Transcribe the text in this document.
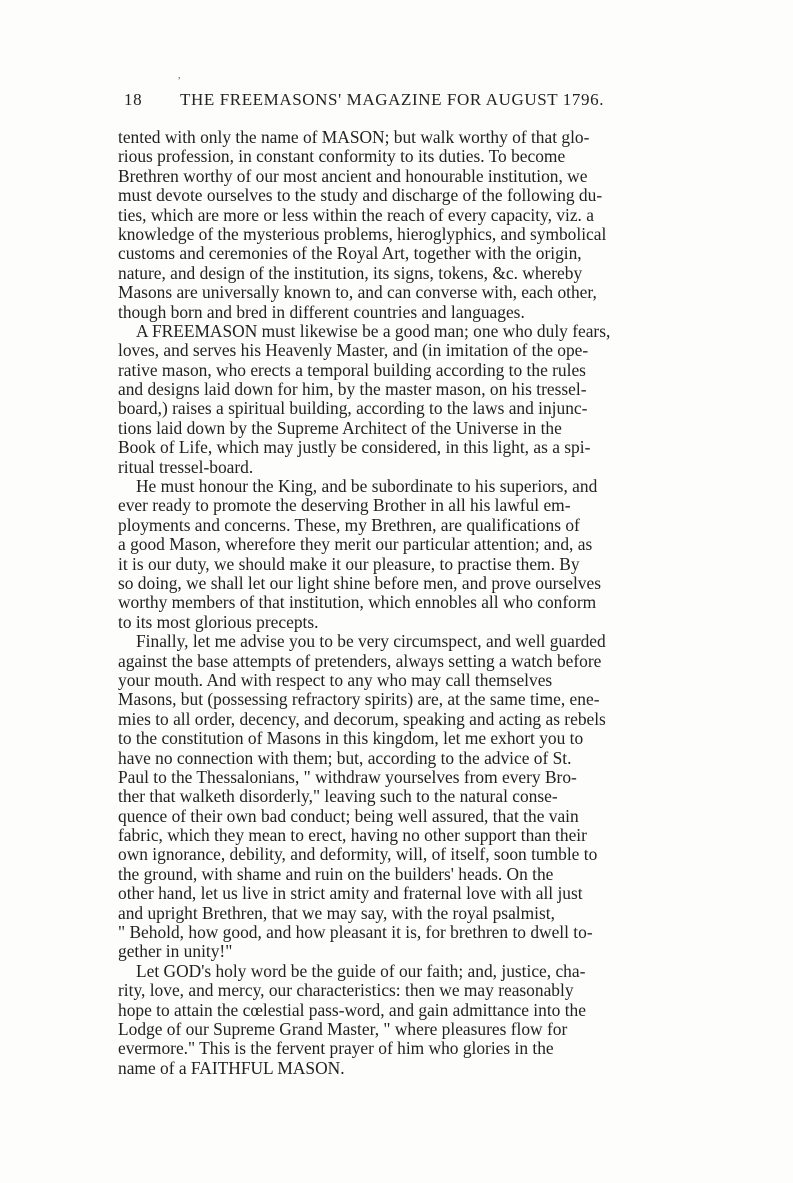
,
18 THE FREEMASONS' MAGAZINE FOR AUGUST 1796.
tented with only the name of MASON; but walk worthy of that glo-
rious profession, in constant conformity to its duties. To become
Brethren worthy of our most ancient and honourable institution, we
must devote ourselves to the study and discharge of the following du-
ties, which are more or less within the reach of every capacity, viz. a
knowledge of the mysterious problems, hieroglyphics, and symbolical
customs and ceremonies of the Royal Art, together with the origin,
nature, and design of the institution, its signs, tokens, &c. whereby
Masons are universally known to, and can converse with, each other,
though born and bred in different countries and languages.
A FREEMASON must likewise be a good man; one who duly fears,
loves, and serves his Heavenly Master, and (in imitation of the ope-
rative mason, who erects a temporal building according to the rules
and designs laid down for him, by the master mason, on his tressel-
board,) raises a spiritual building, according to the laws and injunc-
tions laid down by the Supreme Architect of the Universe in the
Book of Life, which may justly be considered, in this light, as a spi-
ritual tressel-board.
He must honour the King, and be subordinate to his superiors, and
ever ready to promote the deserving Brother in all his lawful em-
ployments and concerns. These, my Brethren, are qualifications of
a good Mason, wherefore they merit our particular attention; and, as
it is our duty, we should make it our pleasure, to practise them. By
so doing, we shall let our light shine before men, and prove ourselves
worthy members of that institution, which ennobles all who conform
to its most glorious precepts.
Finally, let me advise you to be very circumspect, and well guarded
against the base attempts of pretenders, always setting a watch before
your mouth. And with respect to any who may call themselves
Masons, but (possessing refractory spirits) are, at the same time, ene-
mies to all order, decency, and decorum, speaking and acting as rebels
to the constitution of Masons in this kingdom, let me exhort you to
have no connection with them; but, according to the advice of St.
Paul to the Thessalonians, " withdraw yourselves from every Bro-
ther that walketh disorderly," leaving such to the natural conse-
quence of their own bad conduct; being well assured, that the vain
fabric, which they mean to erect, having no other support than their
own ignorance, debility, and deformity, will, of itself, soon tumble to
the ground, with shame and ruin on the builders' heads. On the
other hand, let us live in strict amity and fraternal love with all just
and upright Brethren, that we may say, with the royal psalmist,
" Behold, how good, and how pleasant it is, for brethren to dwell to-
gether in unity!"
Let GOD's holy word be the guide of our faith; and, justice, cha-
rity, love, and mercy, our characteristics: then we may reasonably
hope to attain the cœlestial pass-word, and gain admittance into the
Lodge of our Supreme Grand Master, " where pleasures flow for
evermore." This is the fervent prayer of him who glories in the
name of a FAITHFUL MASON.
